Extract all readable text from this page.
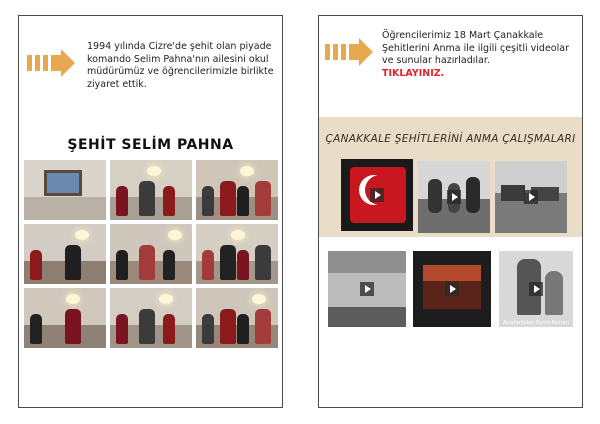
1994 yılında Cizre'de şehit olan piyade komando Selim Pahna'nın ailesini okul müdürümüz ve öğrencilerimizle birlikte ziyaret ettik.
ŞEHİT SELİM PAHNA
Öğrencilerimiz 18 Mart Çanakkale Şehitlerini Anma ile ilgili çeşitli videolar ve sunular hazırladılar.
TIKLAYINIZ.
ÇANAKKALE ŞEHİTLERİNİ ANMA ÇALIŞMALARI
Anafartalar Oyun Kenan
